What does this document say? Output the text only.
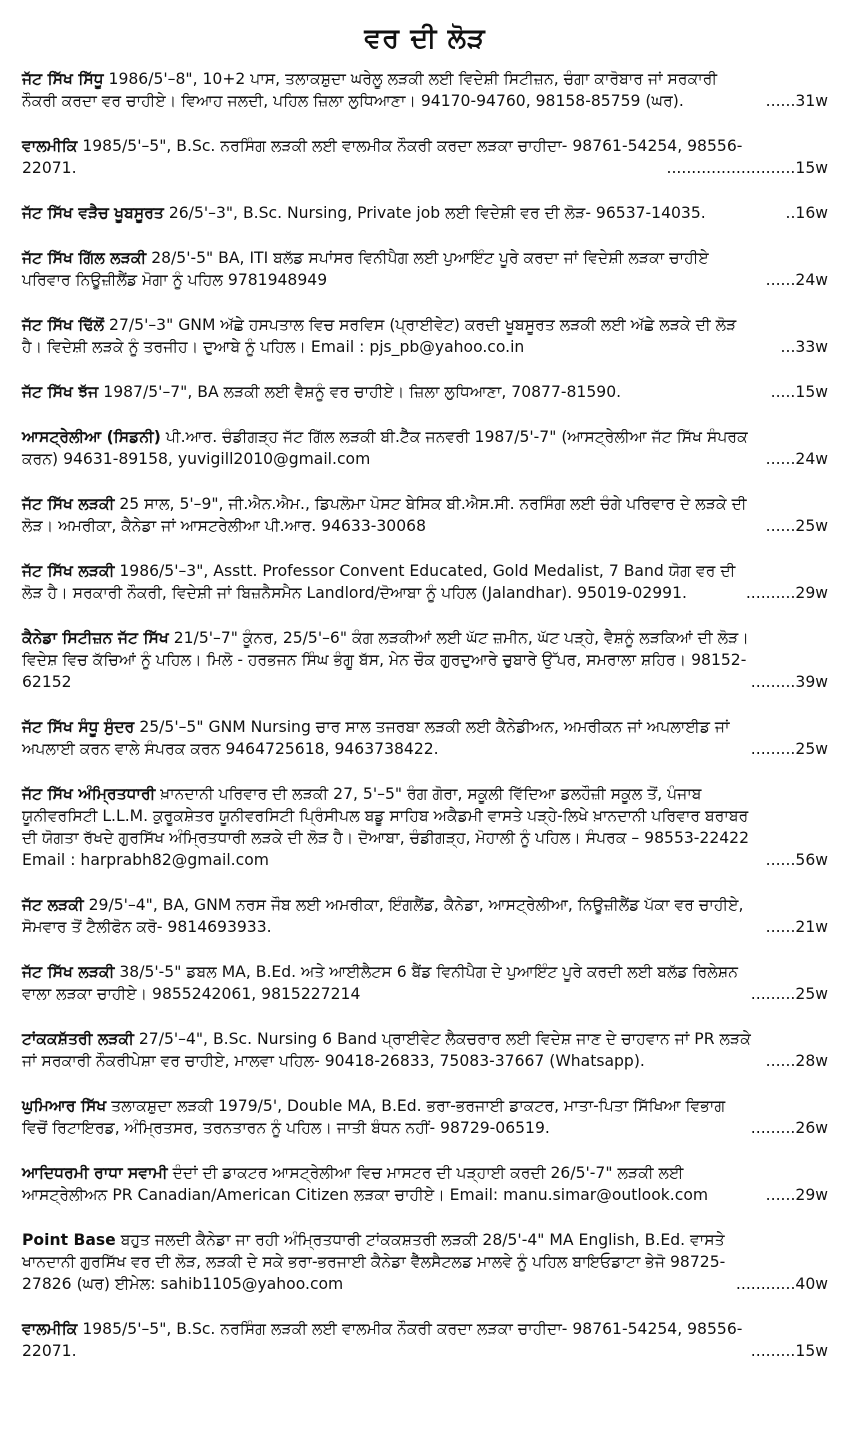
ਵਰ ਦੀ ਲੋੜ
ਜੱਟ ਸਿੱਖ ਸਿੱਧੂ 1986/5'–8", 10+2 ਪਾਸ, ਤਲਾਕਸ਼ੁਦਾ ਘਰੇਲੂ ਲੜਕੀ ਲਈ ਵਿਦੇਸ਼ੀ ਸਿਟੀਜ਼ਨ, ਚੰਗਾ ਕਾਰੋਬਾਰ ਜਾਂ ਸਰਕਾਰੀ ਨੌਕਰੀ ਕਰਦਾ ਵਰ ਚਾਹੀਏ। ਵਿਆਹ ਜਲਦੀ, ਪਹਿਲ ਜ਼ਿਲਾ ਲੁਧਿਆਣਾ। 94170-94760, 98158-85759 (ਘਰ).	......31w
ਵਾਲਮੀਕਿ 1985/5'–5", B.Sc. ਨਰਸਿੰਗ ਲੜਕੀ ਲਈ ਵਾਲਮੀਕ ਨੌਕਰੀ ਕਰਦਾ ਲੜਕਾ ਚਾਹੀਦਾ- 98761-54254, 98556-22071.	..........................15w
ਜੱਟ ਸਿੱਖ ਵੜੈਚ ਖੂਬਸੂਰਤ 26/5'–3", B.Sc. Nursing, Private job ਲਈ ਵਿਦੇਸ਼ੀ ਵਰ ਦੀ ਲੋੜ- 96537-14035.	..16w
ਜੱਟ ਸਿੱਖ ਗਿੱਲ ਲੜਕੀ 28/5'-5" BA, ITI ਬਲੱਡ ਸਪਾਂਸਰ ਵਿਨੀਪੈਗ ਲਈ ਪੁਆਇੰਟ ਪੂਰੇ ਕਰਦਾ ਜਾਂ ਵਿਦੇਸ਼ੀ ਲੜਕਾ ਚਾਹੀਏ ਪਰਿਵਾਰ ਨਿਊਜ਼ੀਲੈਂਡ ਮੋਗਾ ਨੂੰ ਪਹਿਲ 9781948949	......24w
ਜੱਟ ਸਿੱਖ ਢਿੱਲੋਂ 27/5'–3" GNM ਅੱਛੇ ਹਸਪਤਾਲ ਵਿਚ ਸਰਵਿਸ (ਪ੍ਰਾਈਵੇਟ) ਕਰਦੀ ਖੂਬਸੂਰਤ ਲੜਕੀ ਲਈ ਅੱਛੇ ਲੜਕੇ ਦੀ ਲੋੜ ਹੈ। ਵਿਦੇਸ਼ੀ ਲੜਕੇ ਨੂੰ ਤਰਜੀਹ। ਦੁਆਬੇ ਨੂੰ ਪਹਿਲ। Email : pjs_pb@yahoo.co.in	...33w
ਜੱਟ ਸਿੱਖ ਝੱਜ 1987/5'–7", BA ਲੜਕੀ ਲਈ ਵੈਸ਼ਨੂੰ ਵਰ ਚਾਹੀਏ। ਜ਼ਿਲਾ ਲੁਧਿਆਣਾ, 70877-81590.	.....15w
ਆਸਟ੍ਰੇਲੀਆ (ਸਿਡਨੀ) ਪੀ.ਆਰ. ਚੰਡੀਗੜ੍ਹ ਜੱਟ ਗਿੱਲ ਲੜਕੀ ਬੀ.ਟੈੱਕ ਜਨਵਰੀ 1987/5'-7" (ਆਸਟ੍ਰੇਲੀਆ ਜੱਟ ਸਿੱਖ ਸੰਪਰਕ ਕਰਨ) 94631-89158, yuvigill2010@gmail.com	......24w
ਜੱਟ ਸਿੱਖ ਲੜਕੀ 25 ਸਾਲ, 5'–9", ਜੀ.ਐਨ.ਐਮ., ਡਿਪਲੋਮਾ ਪੋਸਟ ਬੇਸਿਕ ਬੀ.ਐਸ.ਸੀ. ਨਰਸਿੰਗ ਲਈ ਚੰਗੇ ਪਰਿਵਾਰ ਦੇ ਲੜਕੇ ਦੀ ਲੋੜ। ਅਮਰੀਕਾ, ਕੈਨੇਡਾ ਜਾਂ ਆਸਟਰੇਲੀਆ ਪੀ.ਆਰ. 94633-30068	......25w
ਜੱਟ ਸਿੱਖ ਲੜਕੀ 1986/5'–3", Asstt. Professor Convent Educated, Gold Medalist, 7 Band ਯੋਗ ਵਰ ਦੀ ਲੋੜ ਹੈ। ਸਰਕਾਰੀ ਨੌਕਰੀ, ਵਿਦੇਸ਼ੀ ਜਾਂ ਬਿਜ਼ਨੈਸਮੈਨ Landlord/ਦੋਆਬਾ ਨੂੰ ਪਹਿਲ (Jalandhar). 95019-02991.	..........29w
ਕੈਨੇਡਾ ਸਿਟੀਜ਼ਨ ਜੱਟ ਸਿੱਖ 21/5'–7" ਕੂੰਨਰ, 25/5'–6" ਕੰਗ ਲੜਕੀਆਂ ਲਈ ਘੱਟ ਜ਼ਮੀਨ, ਘੱਟ ਪੜ੍ਹੇ, ਵੈਸ਼ਨੂੰ ਲੜਕਿਆਂ ਦੀ ਲੋੜ। ਵਿਦੇਸ਼ ਵਿਚ ਕੱਚਿਆਂ ਨੂੰ ਪਹਿਲ। ਮਿਲੋ - ਹਰਭਜਨ ਸਿੰਘ ਭੰਗੂ ਬੱਸ, ਮੇਨ ਚੌਕ ਗੁਰਦੁਆਰੇ ਚੁਬਾਰੇ ਉੱਪਰ, ਸਮਰਾਲਾ ਸ਼ਹਿਰ। 98152-62152	.........39w
ਜੱਟ ਸਿੱਖ ਸੰਧੂ ਸੁੰਦਰ 25/5'–5" GNM Nursing ਚਾਰ ਸਾਲ ਤਜਰਬਾ ਲੜਕੀ ਲਈ ਕੈਨੇਡੀਅਨ, ਅਮਰੀਕਨ ਜਾਂ ਅਪਲਾਈਡ ਜਾਂ ਅਪਲਾਈ ਕਰਨ ਵਾਲੇ ਸੰਪਰਕ ਕਰਨ 9464725618, 9463738422.	.........25w
ਜੱਟ ਸਿੱਖ ਅੰਮ੍ਰਿਤਧਾਰੀ ਖ਼ਾਨਦਾਨੀ ਪਰਿਵਾਰ ਦੀ ਲੜਕੀ 27, 5'–5" ਰੰਗ ਗੋਰਾ, ਸਕੂਲੀ ਵਿੱਦਿਆ ਡਲਹੌਜ਼ੀ ਸਕੂਲ ਤੋਂ, ਪੰਜਾਬ ਯੂਨੀਵਰਸਿਟੀ L.L.M. ਕੁਰੂਕਸ਼ੇਤਰ ਯੂਨੀਵਰਸਿਟੀ ਪ੍ਰਿੰਸੀਪਲ ਬਡੂ ਸਾਹਿਬ ਅਕੈਡਮੀ ਵਾਸਤੇ ਪੜ੍ਹੇ-ਲਿਖੇ ਖ਼ਾਨਦਾਨੀ ਪਰਿਵਾਰ ਬਰਾਬਰ ਦੀ ਯੋਗਤਾ ਰੱਖਦੇ ਗੁਰਸਿੱਖ ਅੰਮ੍ਰਿਤਧਾਰੀ ਲੜਕੇ ਦੀ ਲੋੜ ਹੈ। ਦੋਆਬਾ, ਚੰਡੀਗੜ੍ਹ, ਮੋਹਾਲੀ ਨੂੰ ਪਹਿਲ। ਸੰਪਰਕ – 98553-22422 Email : harprabh82@gmail.com	......56w
ਜੱਟ ਲੜਕੀ 29/5'–4", BA, GNM ਨਰਸ ਜੌਬ ਲਈ ਅਮਰੀਕਾ, ਇੰਗਲੈਂਡ, ਕੈਨੇਡਾ, ਆਸਟ੍ਰੇਲੀਆ, ਨਿਊਜ਼ੀਲੈਂਡ ਪੱਕਾ ਵਰ ਚਾਹੀਏ, ਸੋਮਵਾਰ ਤੋਂ ਟੈਲੀਫੋਨ ਕਰੋ- 9814693933.	......21w
ਜੱਟ ਸਿੱਖ ਲੜਕੀ 38/5'-5" ਡਬਲ MA, B.Ed. ਅਤੇ ਆਈਲੈਟਸ 6 ਬੈਂਡ ਵਿਨੀਪੈਗ ਦੇ ਪੁਆਇੰਟ ਪੂਰੇ ਕਰਦੀ ਲਈ ਬਲੱਡ ਰਿਲੇਸ਼ਨ ਵਾਲਾ ਲੜਕਾ ਚਾਹੀਏ। 9855242061, 9815227214	.........25w
ਟਾਂਕਕਸ਼ੱਤਰੀ ਲੜਕੀ 27/5'–4", B.Sc. Nursing 6 Band ਪ੍ਰਾਈਵੇਟ ਲੈਕਚਰਾਰ ਲਈ ਵਿਦੇਸ਼ ਜਾਣ ਦੇ ਚਾਹਵਾਨ ਜਾਂ PR ਲੜਕੇ ਜਾਂ ਸਰਕਾਰੀ ਨੌਕਰੀਪੇਸ਼ਾ ਵਰ ਚਾਹੀਏ, ਮਾਲਵਾ ਪਹਿਲ- 90418-26833, 75083-37667 (Whatsapp).	......28w
ਘੁਮਿਆਰ ਸਿੱਖ ਤਲਾਕਸ਼ੁਦਾ ਲੜਕੀ 1979/5', Double MA, B.Ed. ਭਰਾ-ਭਰਜਾਈ ਡਾਕਟਰ, ਮਾਤਾ-ਪਿਤਾ ਸਿੱਖਿਆ ਵਿਭਾਗ ਵਿਚੋਂ ਰਿਟਾਇਰਡ, ਅੰਮ੍ਰਿਤਸਰ, ਤਰਨਤਾਰਨ ਨੂੰ ਪਹਿਲ। ਜਾਤੀ ਬੰਧਨ ਨਹੀਂ- 98729-06519.	.........26w
ਆਦਿਧਰਮੀ ਰਾਧਾ ਸਵਾਮੀ ਦੰਦਾਂ ਦੀ ਡਾਕਟਰ ਆਸਟ੍ਰੇਲੀਆ ਵਿਚ ਮਾਸਟਰ ਦੀ ਪੜ੍ਹਾਈ ਕਰਦੀ 26/5'-7" ਲੜਕੀ ਲਈ ਆਸਟ੍ਰੇਲੀਅਨ PR Canadian/American Citizen ਲੜਕਾ ਚਾਹੀਏ। Email: manu.simar@outlook.com	......29w
Point Base ਬਹੁਤ ਜਲਦੀ ਕੈਨੇਡਾ ਜਾ ਰਹੀ ਅੰਮ੍ਰਿਤਧਾਰੀ ਟਾਂਕਕਸ਼ਤਰੀ ਲੜਕੀ 28/5'-4" MA English, B.Ed. ਵਾਸਤੇ ਖਾਨਦਾਨੀ ਗੁਰਸਿੱਖ ਵਰ ਦੀ ਲੋੜ, ਲੜਕੀ ਦੇ ਸਕੇ ਭਰਾ-ਭਰਜਾਈ ਕੈਨੇਡਾ ਵੈੱਲਸੈਟਲਡ ਮਾਲਵੇ ਨੂੰ ਪਹਿਲ ਬਾਇਓਡਾਟਾ ਭੇਜੋ 98725-27826 (ਘਰ) ਈਮੇਲ: sahib1105@yahoo.com	............40w
ਵਾਲਮੀਕਿ 1985/5'–5", B.Sc. ਨਰਸਿੰਗ ਲੜਕੀ ਲਈ ਵਾਲਮੀਕ ਨੌਕਰੀ ਕਰਦਾ ਲੜਕਾ ਚਾਹੀਦਾ- 98761-54254, 98556-22071.	.........15w
